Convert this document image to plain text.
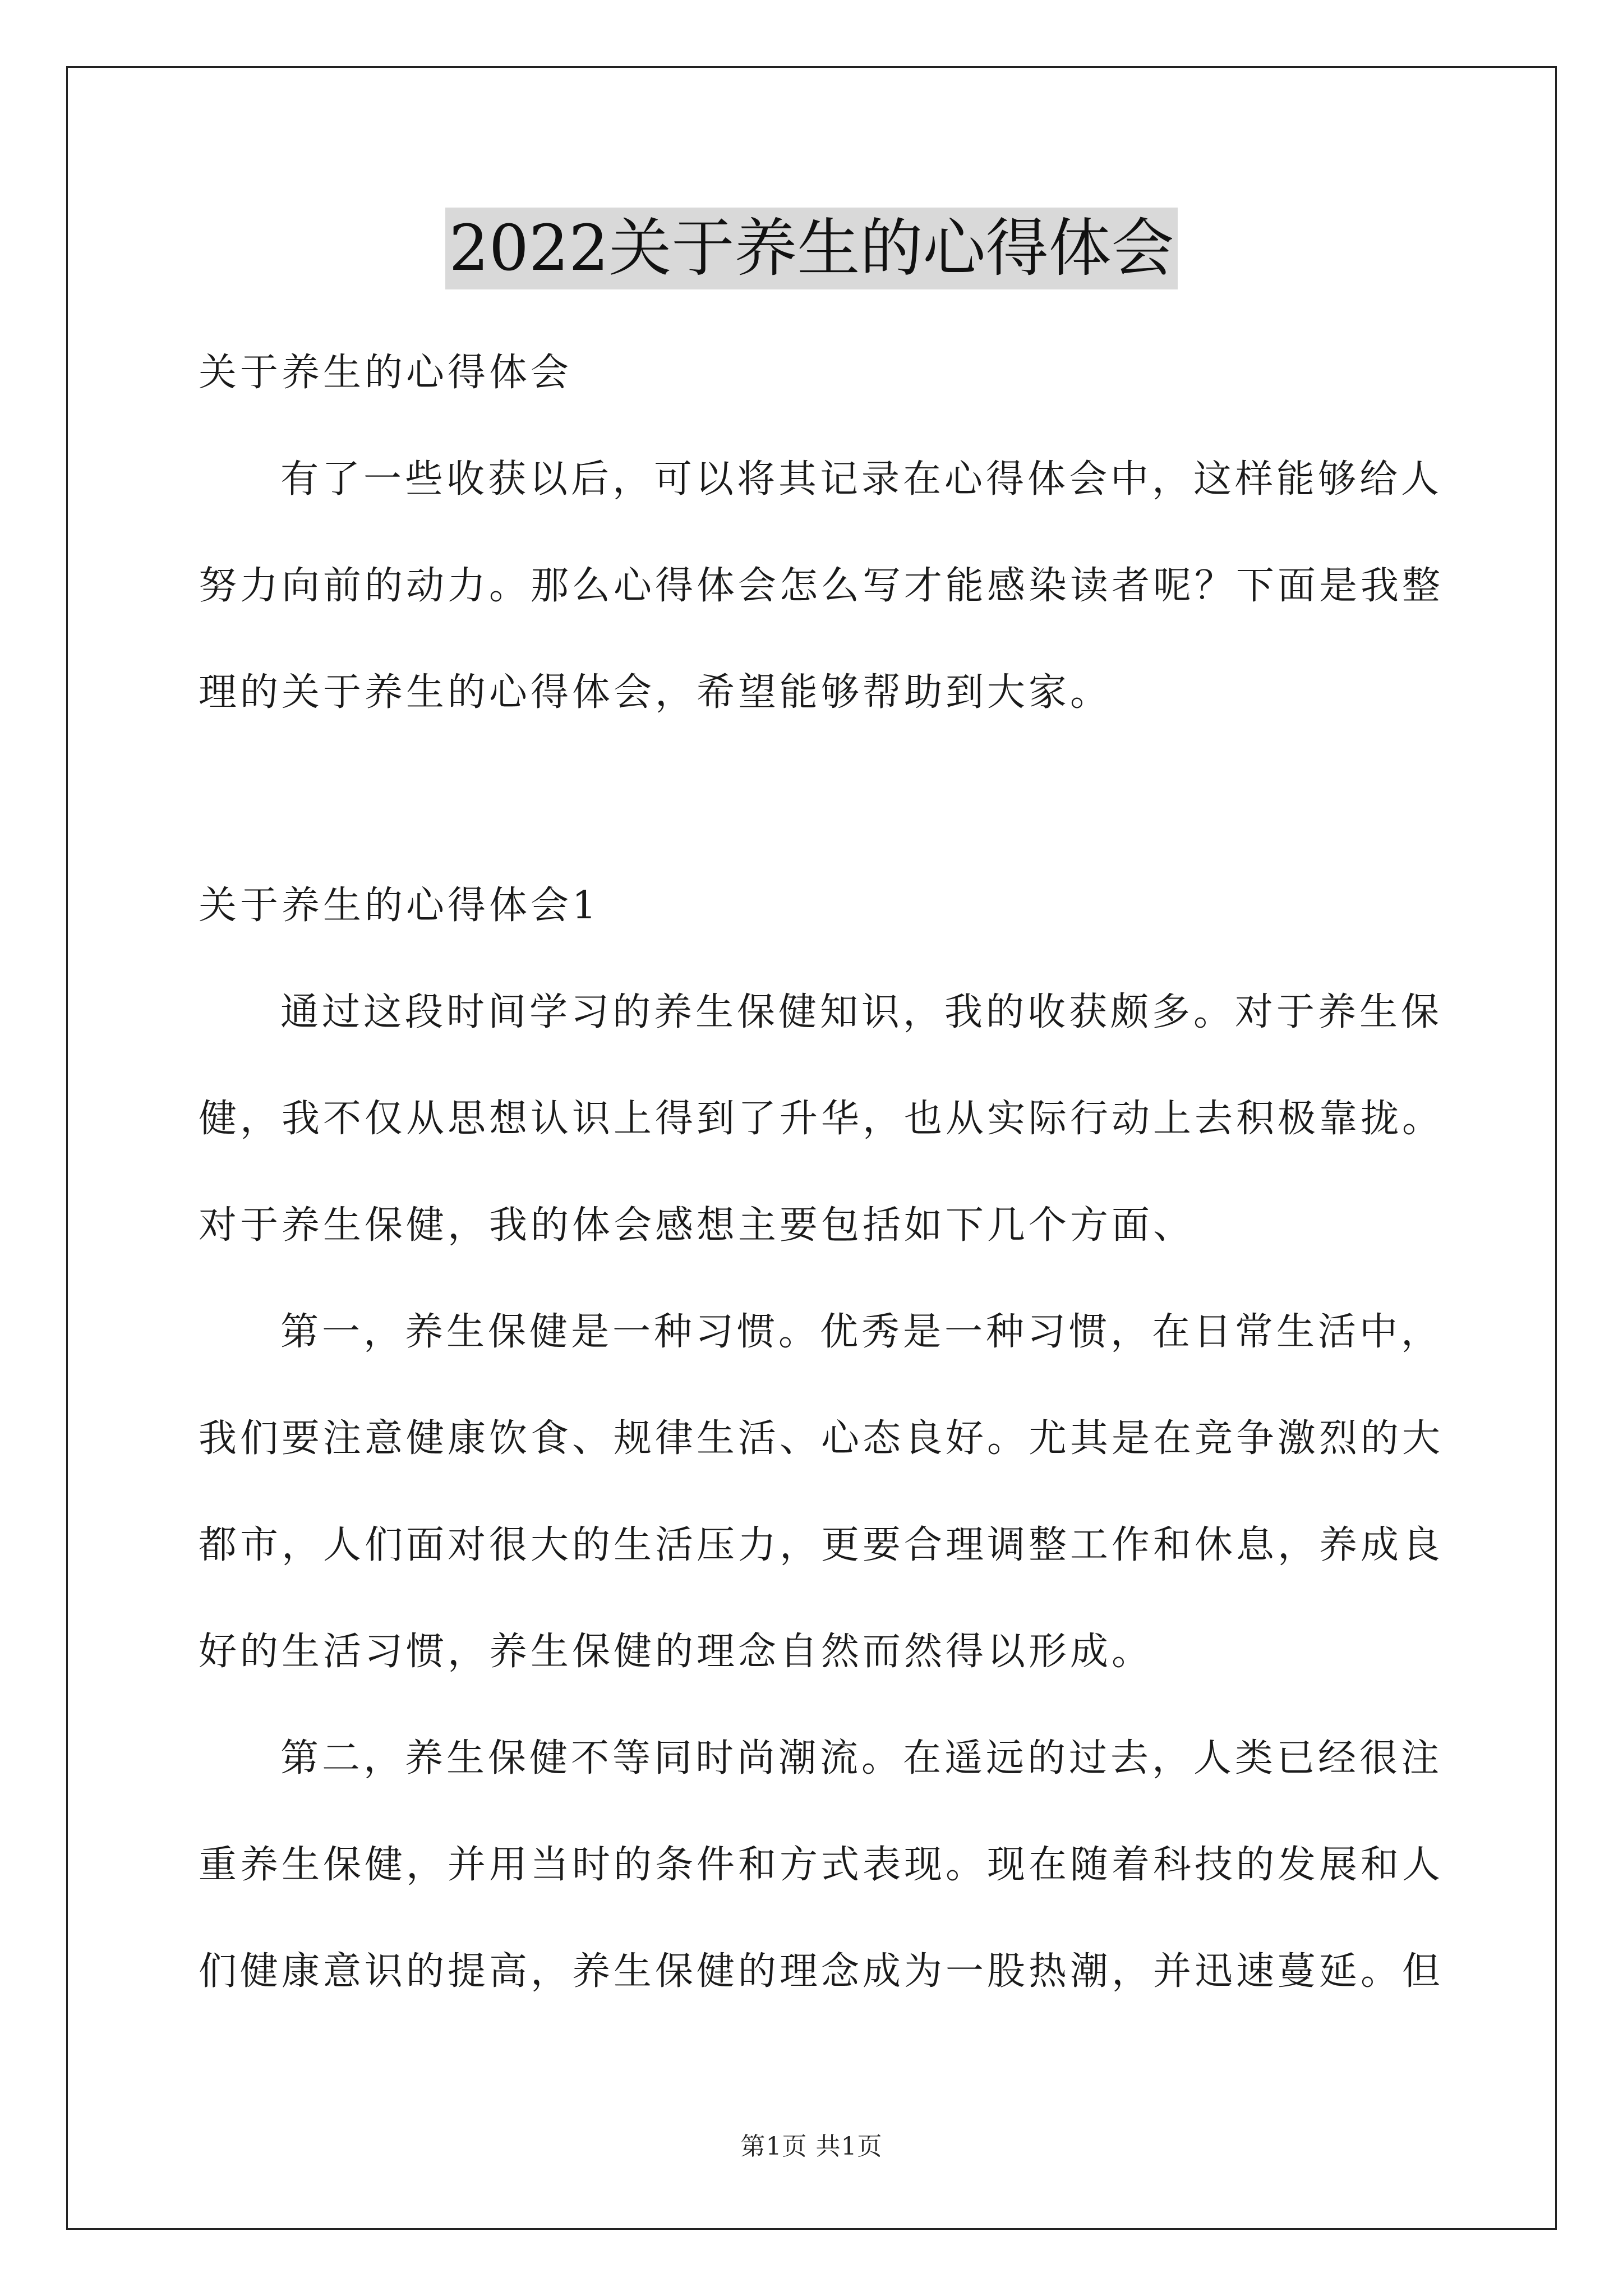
2022关于养生的心得体会
关于养生的心得体会
有了一些收获以后，可以将其记录在心得体会中，这样能够给人
努力向前的动力。那么心得体会怎么写才能感染读者呢？下面是我整
理的关于养生的心得体会，希望能够帮助到大家。
关于养生的心得体会1
通过这段时间学习的养生保健知识，我的收获颇多。对于养生保
健，我不仅从思想认识上得到了升华，也从实际行动上去积极靠拢。
对于养生保健，我的体会感想主要包括如下几个方面、
第一，养生保健是一种习惯。优秀是一种习惯，在日常生活中，
我们要注意健康饮食、规律生活、心态良好。尤其是在竞争激烈的大
都市，人们面对很大的生活压力，更要合理调整工作和休息，养成良
好的生活习惯，养生保健的理念自然而然得以形成。
第二，养生保健不等同时尚潮流。在遥远的过去，人类已经很注
重养生保健，并用当时的条件和方式表现。现在随着科技的发展和人
们健康意识的提高，养生保健的理念成为一股热潮，并迅速蔓延。但
第1页 共1页
